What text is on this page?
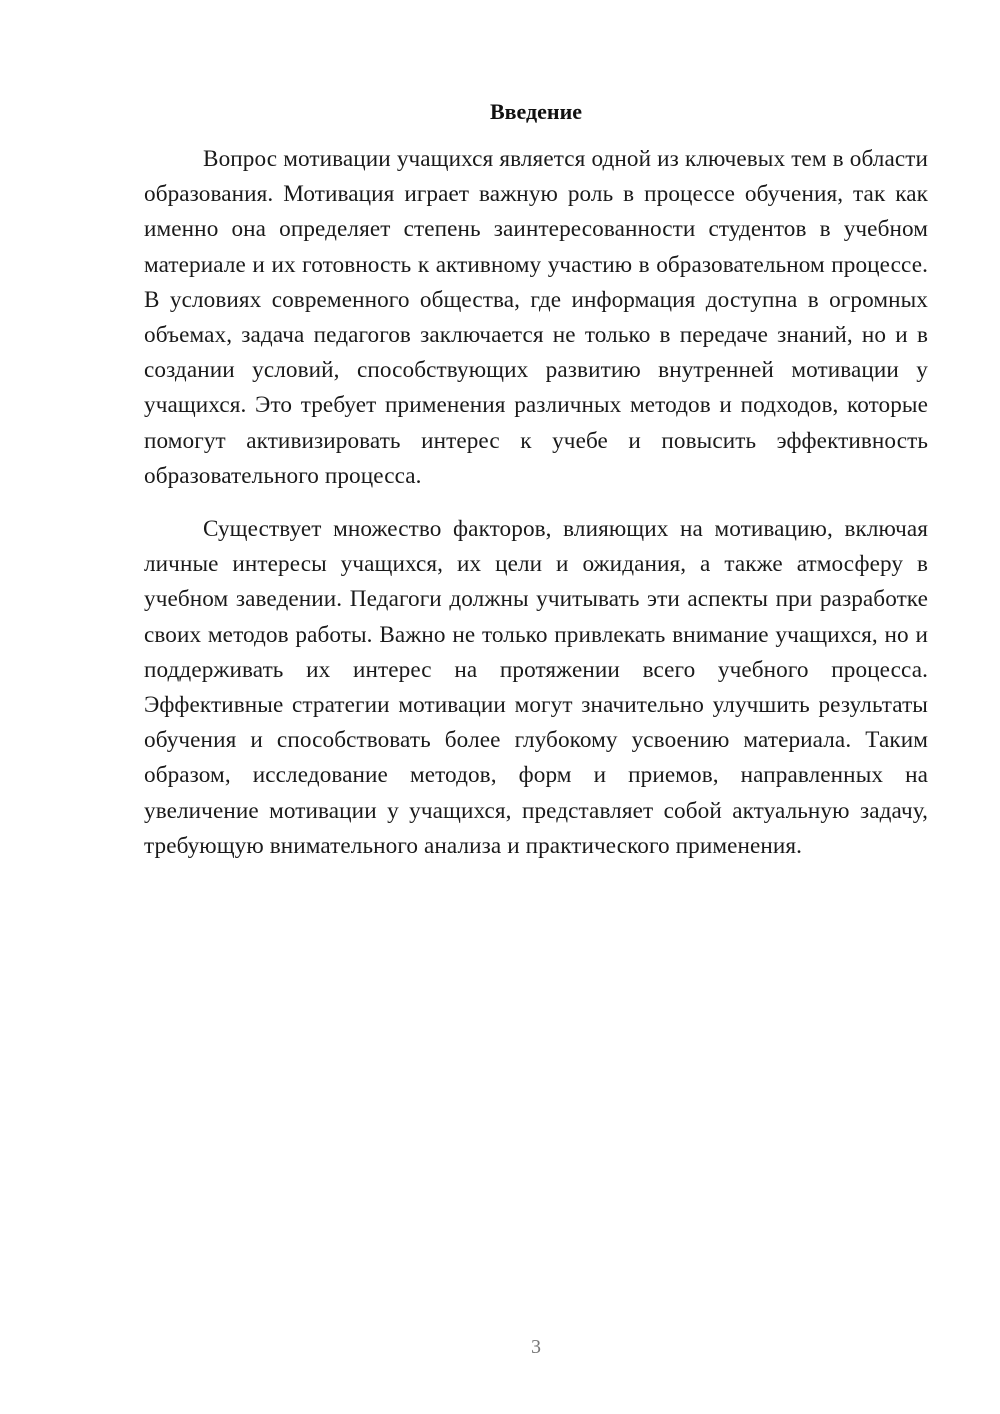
Введение

Вопрос мотивации учащихся является одной из ключевых тем в области образования. Мотивация играет важную роль в процессе обучения, так как именно она определяет степень заинтересованности студентов в учебном материале и их готовность к активному участию в образовательном процессе. В условиях современного общества, где информация доступна в огромных объемах, задача педагогов заключается не только в передаче знаний, но и в создании условий, способствующих развитию внутренней мотивации у учащихся. Это требует применения различных методов и подходов, которые помогут активизировать интерес к учебе и повысить эффективность образовательного процесса.

Существует множество факторов, влияющих на мотивацию, включая личные интересы учащихся, их цели и ожидания, а также атмосферу в учебном заведении. Педагоги должны учитывать эти аспекты при разработке своих методов работы. Важно не только привлекать внимание учащихся, но и поддерживать их интерес на протяжении всего учебного процесса. Эффективные стратегии мотивации могут значительно улучшить результаты обучения и способствовать более глубокому усвоению материала. Таким образом, исследование методов, форм и приемов, направленных на увеличение мотивации у учащихся, представляет собой актуальную задачу, требующую внимательного анализа и практического применения.

3
